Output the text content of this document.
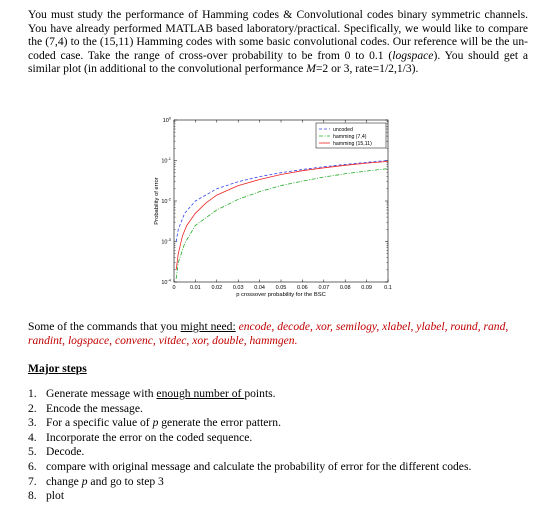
You must study the performance of Hamming codes & Convolutional codes binary symmetric channels. You have already performed MATLAB based laboratory/practical. Specifically, we would like to compare the (7,4) to the (15,11) Hamming codes with some basic convolutional codes. Our reference will be the un-coded case. Take the range of cross-over probability to be from 0 to 0.1 (logspace). You should get a similar plot (in additional to the convolutional performance M=2 or 3, rate=1/2,1/3).
0	0.01 0.02 0.03 0.04 0.05 0.06 0.07 0.08 0.09 0.1
$10^0$
$10^{-1}$
$10^{-2}$
$10^{-3}$
$10^{-4}$
uncoded
hamming (7,4)
hamming (15,11)
p crossover probability for the BSC
Probability of error
Some of the commands that you might need: encode, decode, xor, semilogy, xlabel, ylabel, round, rand, randint, logspace, convenc, vitdec, xor, double, hammgen.
Major steps
1. Generate message with enough number of points.
2. Encode the message.
3. For a specific value of p generate the error pattern.
4. Incorporate the error on the coded sequence.
5. Decode.
6. compare with original message and calculate the probability of error for the different codes.
7. change p and go to step 3
8. plot
